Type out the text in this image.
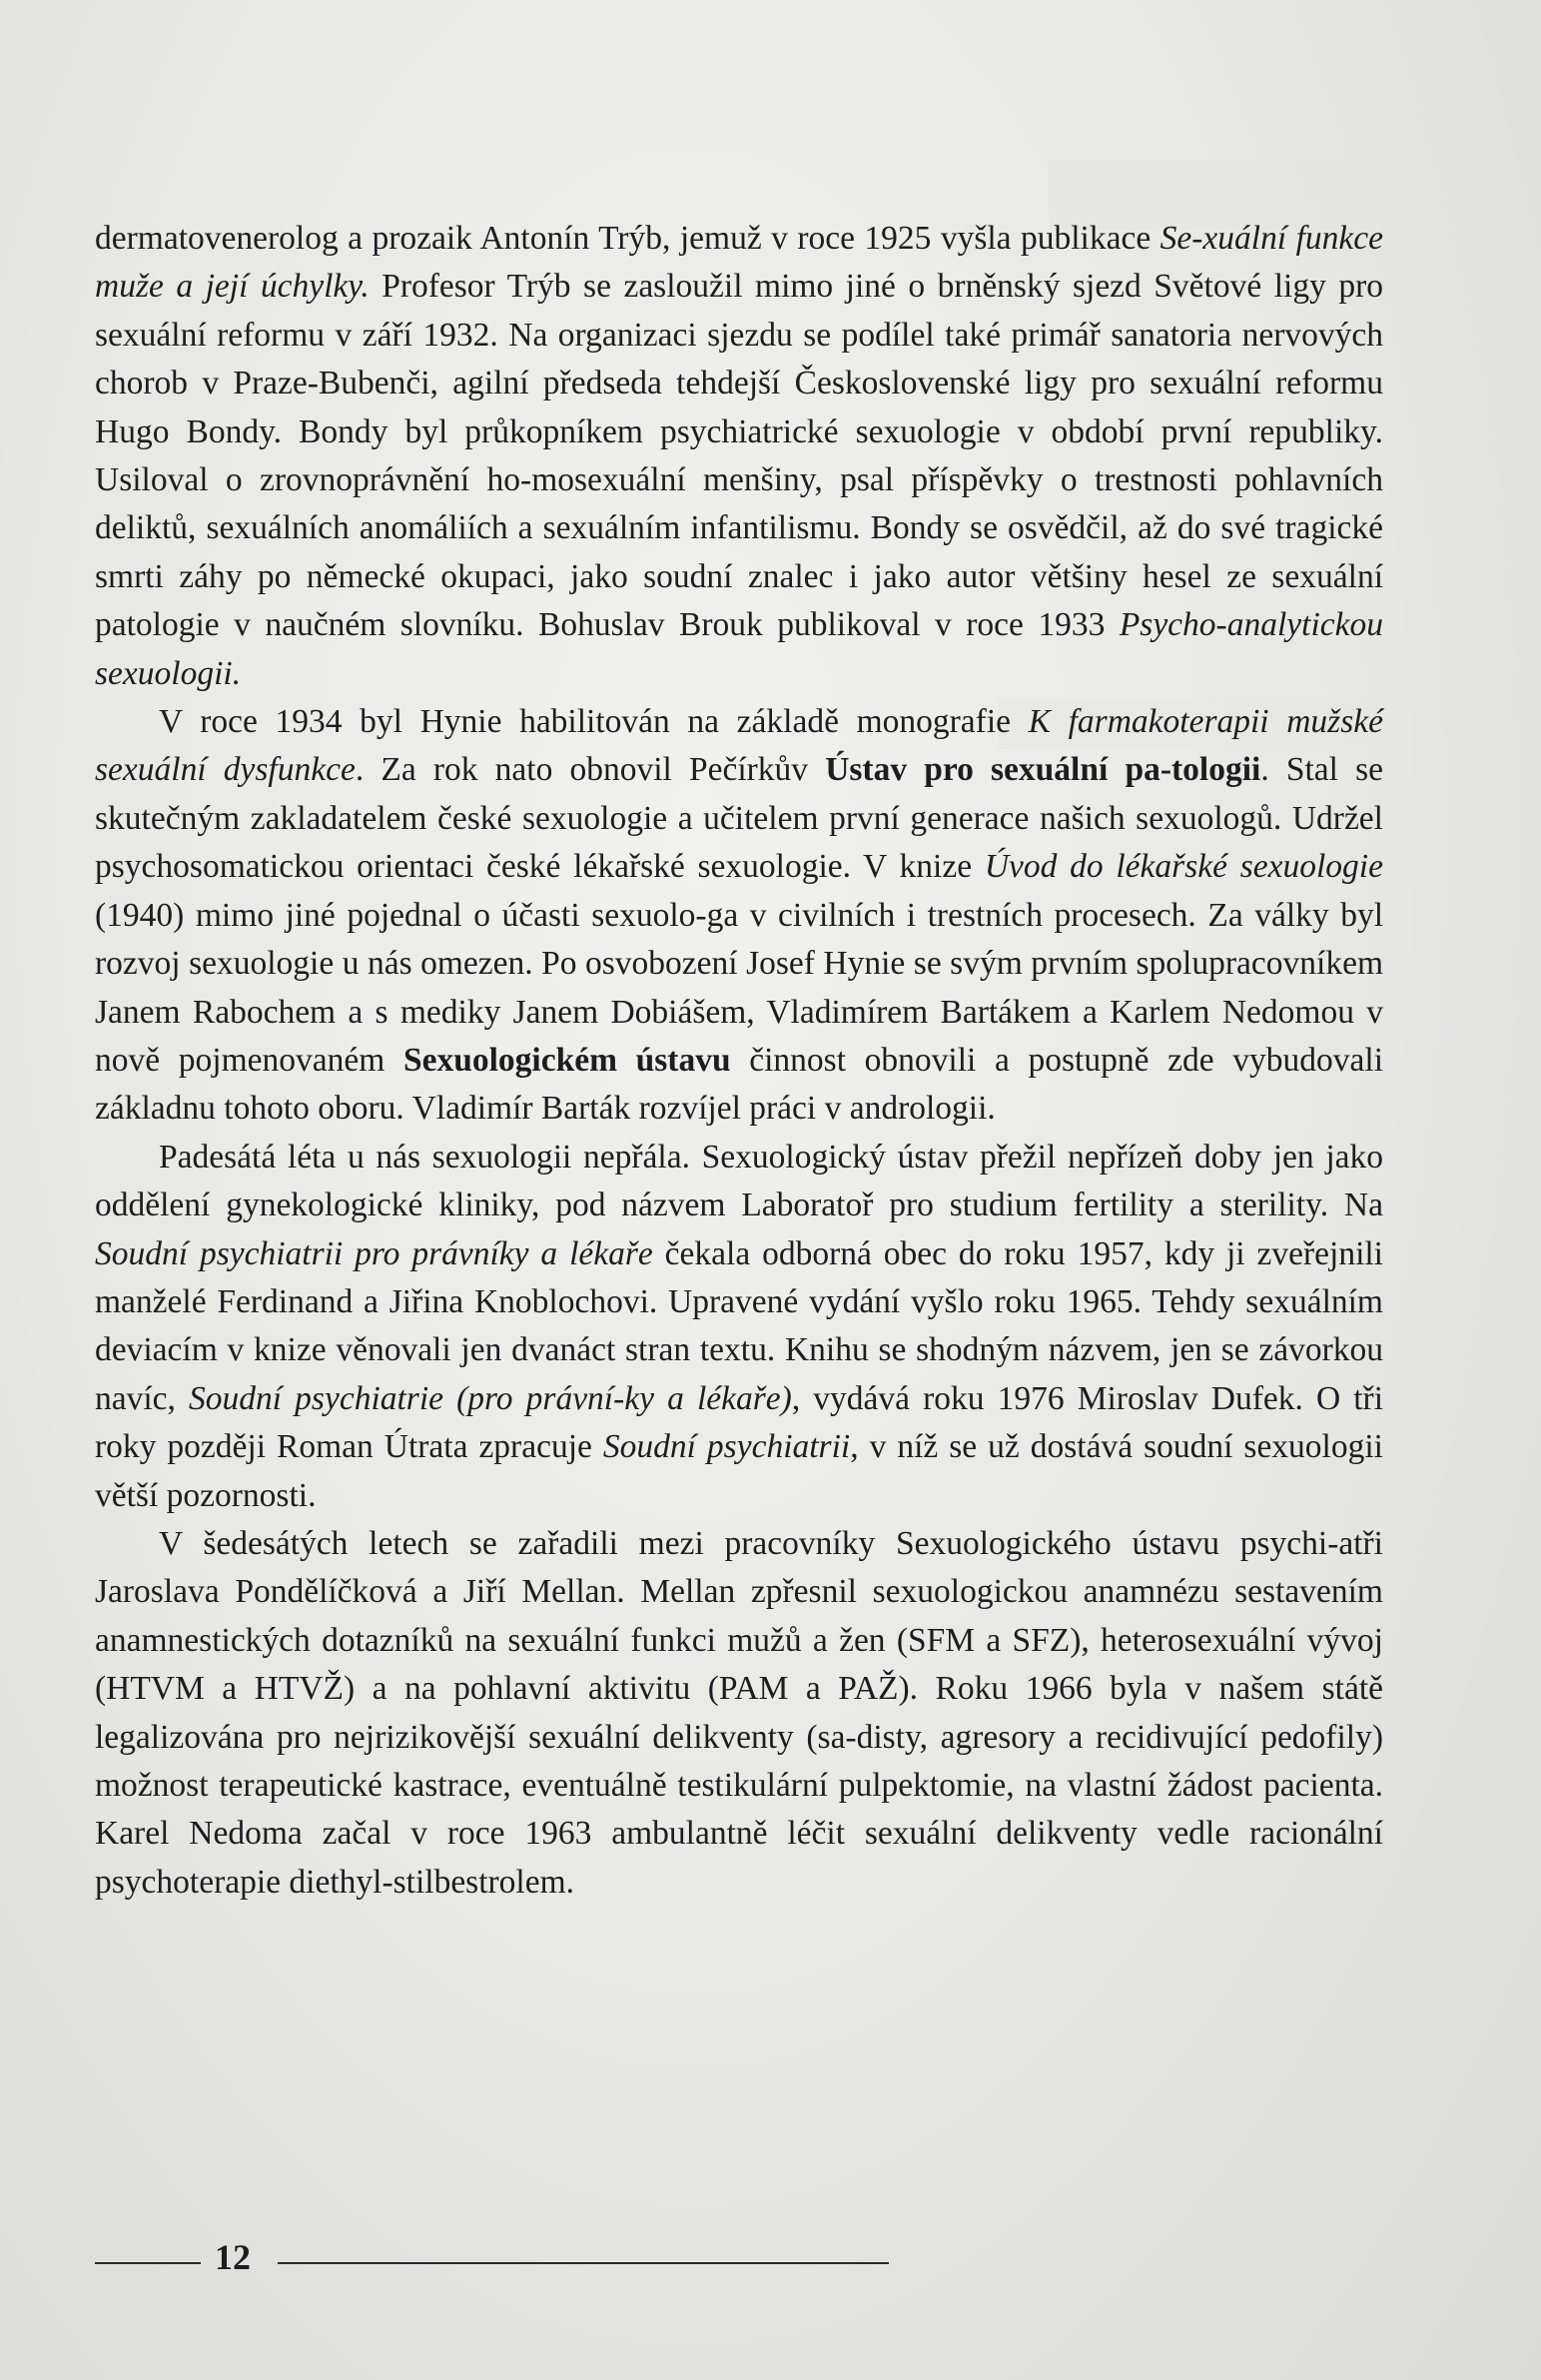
dermatovenerolog a prozaik Antonín Trýb, jemuž v roce 1925 vyšla publikace Se-xuální funkce muže a její úchylky. Profesor Trýb se zasloužil mimo jiné o brněnský sjezd Světové ligy pro sexuální reformu v září 1932. Na organizaci sjezdu se podílel také primář sanatoria nervových chorob v Praze-Bubenči, agilní předseda tehdejší Československé ligy pro sexuální reformu Hugo Bondy. Bondy byl průkopníkem psychiatrické sexuologie v období první republiky. Usiloval o zrovnoprávnění ho-mosexuální menšiny, psal příspěvky o trestnosti pohlavních deliktů, sexuálních anomáliích a sexuálním infantilismu. Bondy se osvědčil, až do své tragické smrti záhy po německé okupaci, jako soudní znalec i jako autor většiny hesel ze sexuální patologie v naučném slovníku. Bohuslav Brouk publikoval v roce 1933 Psycho-analytickou sexuologii.

V roce 1934 byl Hynie habilitován na základě monografie K farmakoterapii mužské sexuální dysfunkce. Za rok nato obnovil Pečírkův Ústav pro sexuální pa-tologii. Stal se skutečným zakladatelem české sexuologie a učitelem první generace našich sexuologů. Udržel psychosomatickou orientaci české lékařské sexuologie. V knize Úvod do lékařské sexuologie (1940) mimo jiné pojednal o účasti sexuolo-ga v civilních i trestních procesech. Za války byl rozvoj sexuologie u nás omezen. Po osvobození Josef Hynie se svým prvním spolupracovníkem Janem Rabochem a s mediky Janem Dobiášem, Vladimírem Bartákem a Karlem Nedomou v nově pojmenovaném Sexuologickém ústavu činnost obnovili a postupně zde vybudovali základnu tohoto oboru. Vladimír Barták rozvíjel práci v andrologii.

Padesátá léta u nás sexuologii nepřála. Sexuologický ústav přežil nepřízeň doby jen jako oddělení gynekologické kliniky, pod názvem Laboratoř pro studium fertility a sterility. Na Soudní psychiatrii pro právníky a lékaře čekala odborná obec do roku 1957, kdy ji zveřejnili manželé Ferdinand a Jiřina Knoblochovi. Upravené vydání vyšlo roku 1965. Tehdy sexuálním deviacím v knize věnovali jen dvanáct stran textu. Knihu se shodným názvem, jen se závorkou navíc, Soudní psychiatrie (pro právní-ky a lékaře), vydává roku 1976 Miroslav Dufek. O tři roky později Roman Útrata zpracuje Soudní psychiatrii, v níž se už dostává soudní sexuologii větší pozornosti.

V šedesátých letech se zařadili mezi pracovníky Sexuologického ústavu psychi-atři Jaroslava Pondělíčková a Jiří Mellan. Mellan zpřesnil sexuologickou anamnézu sestavením anamnestických dotazníků na sexuální funkci mužů a žen (SFM a SFZ), heterosexuální vývoj (HTVM a HTVŽ) a na pohlavní aktivitu (PAM a PAŽ). Roku 1966 byla v našem státě legalizována pro nejrizikovější sexuální delikventy (sa-disty, agresory a recidivující pedofily) možnost terapeutické kastrace, eventuálně testikulární pulpektomie, na vlastní žádost pacienta. Karel Nedoma začal v roce 1963 ambulantně léčit sexuální delikventy vedle racionální psychoterapie diethyl-stilbestrolem.

12
